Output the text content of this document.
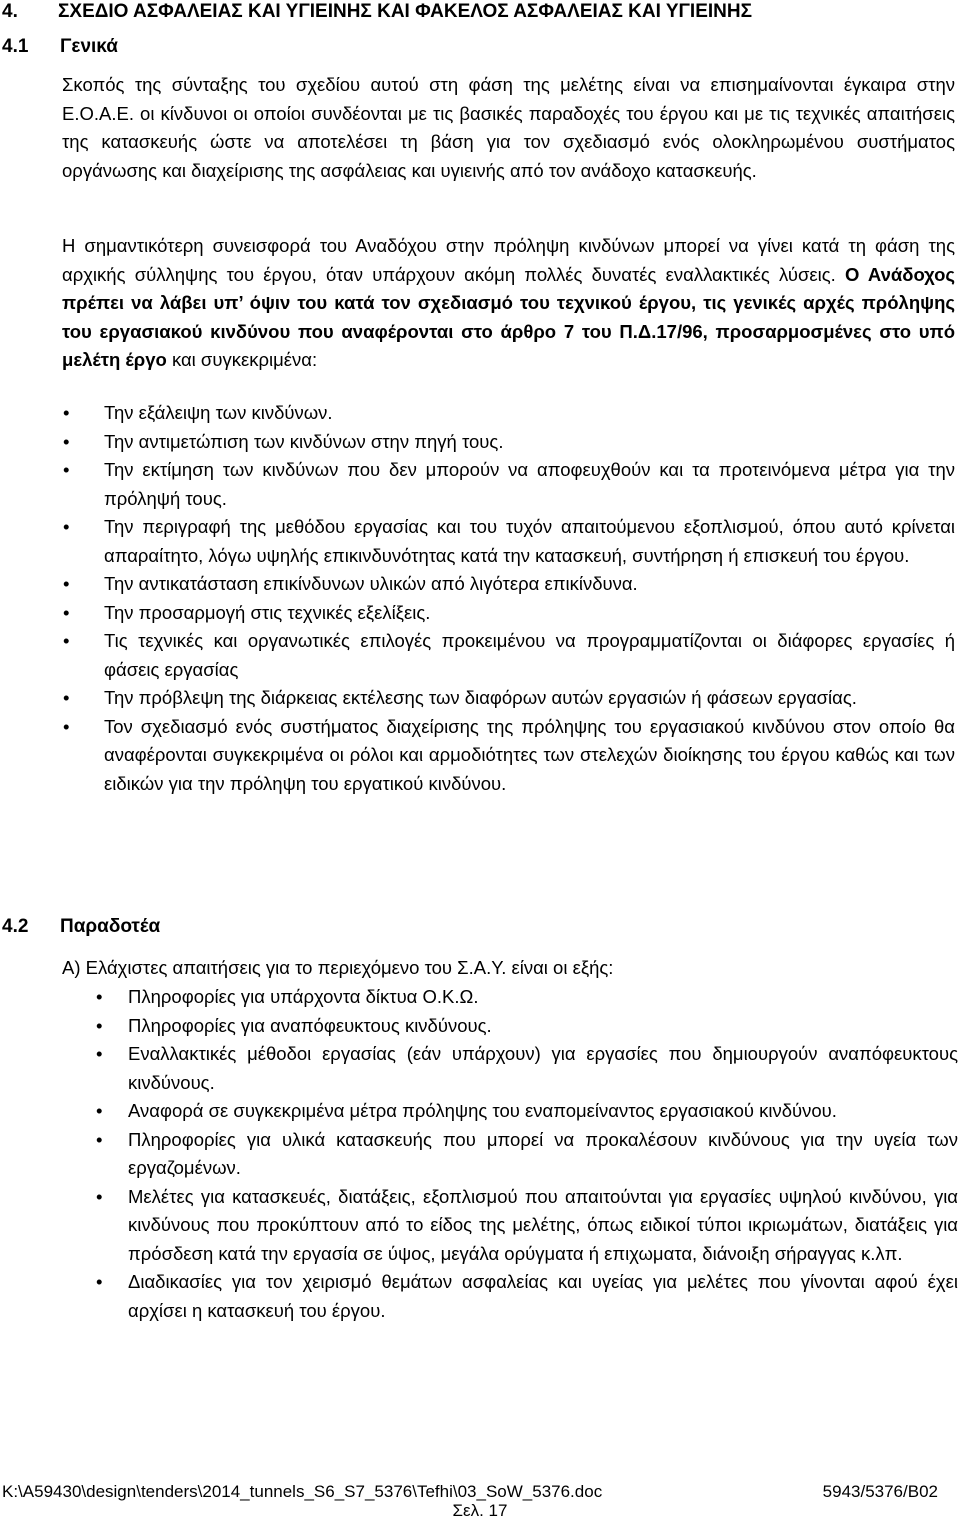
4. ΣΧΕΔΙΟ ΑΣΦΑΛΕΙΑΣ ΚΑΙ ΥΓΙΕΙΝΗΣ ΚΑΙ ΦΑΚΕΛΟΣ ΑΣΦΑΛΕΙΑΣ ΚΑΙ ΥΓΙΕΙΝΗΣ
4.1 Γενικά
Σκοπός της σύνταξης του σχεδίου αυτού στη φάση της μελέτης είναι να επισημαίνονται έγκαιρα στην Ε.Ο.Α.Ε. οι κίνδυνοι οι οποίοι συνδέονται με τις βασικές παραδοχές του έργου και με τις τεχνικές απαιτήσεις της κατασκευής ώστε να αποτελέσει τη βάση για τον σχεδιασμό ενός ολοκληρωμένου συστήματος οργάνωσης και διαχείρισης της ασφάλειας και υγιεινής από τον ανάδοχο κατασκευής.
Η σημαντικότερη συνεισφορά του Αναδόχου στην πρόληψη κινδύνων μπορεί να γίνει κατά τη φάση της αρχικής σύλληψης του έργου, όταν υπάρχουν ακόμη πολλές δυνατές εναλλακτικές λύσεις. Ο Ανάδοχος πρέπει να λάβει υπ’ όψιν του κατά τον σχεδιασμό του τεχνικού έργου, τις γενικές αρχές πρόληψης του εργασιακού κινδύνου που αναφέρονται στο άρθρο 7 του Π.Δ.17/96, προσαρμοσμένες στο υπό μελέτη έργο και συγκεκριμένα:
• Την εξάλειψη των κινδύνων.
• Την αντιμετώπιση των κινδύνων στην πηγή τους.
• Την εκτίμηση των κινδύνων που δεν μπορούν να αποφευχθούν και τα προτεινόμενα μέτρα για την πρόληψή τους.
• Την περιγραφή της μεθόδου εργασίας και του τυχόν απαιτούμενου εξοπλισμού, όπου αυτό κρίνεται απαραίτητο, λόγω υψηλής επικινδυνότητας κατά την κατασκευή, συντήρηση ή επισκευή του έργου.
• Την αντικατάσταση επικίνδυνων υλικών από λιγότερα επικίνδυνα.
• Την προσαρμογή στις τεχνικές εξελίξεις.
• Τις τεχνικές και οργανωτικές επιλογές προκειμένου να προγραμματίζονται οι διάφορες εργασίες ή φάσεις εργασίας
• Την πρόβλεψη της διάρκειας εκτέλεσης των διαφόρων αυτών εργασιών ή φάσεων εργασίας.
• Τον σχεδιασμό ενός συστήματος διαχείρισης της πρόληψης του εργασιακού κινδύνου στον οποίο θα αναφέρονται συγκεκριμένα οι ρόλοι και αρμοδιότητες των στελεχών διοίκησης του έργου καθώς και των ειδικών για την πρόληψη του εργατικού κινδύνου.
4.2 Παραδοτέα
Α) Ελάχιστες απαιτήσεις για το περιεχόμενο του Σ.Α.Υ. είναι οι εξής:
• Πληροφορίες για υπάρχοντα δίκτυα Ο.Κ.Ω.
• Πληροφορίες για αναπόφευκτους κινδύνους.
• Εναλλακτικές μέθοδοι εργασίας (εάν υπάρχουν) για εργασίες που δημιουργούν αναπόφευκτους κινδύνους.
• Αναφορά σε συγκεκριμένα μέτρα πρόληψης του εναπομείναντος εργασιακού κινδύνου.
• Πληροφορίες για υλικά κατασκευής που μπορεί να προκαλέσουν κινδύνους για την υγεία των εργαζομένων.
• Μελέτες για κατασκευές, διατάξεις, εξοπλισμού που απαιτούνται για εργασίες υψηλού κινδύνου, για κινδύνους που προκύπτουν από το είδος της μελέτης, όπως ειδικοί τύποι ικριωμάτων, διατάξεις για πρόσδεση κατά την εργασία σε ύψος, μεγάλα ορύγματα ή επιχωματα, διάνοιξη σήραγγας κ.λπ.
• Διαδικασίες για τον χειρισμό θεμάτων ασφαλείας και υγείας για μελέτες που γίνονται αφού έχει αρχίσει η κατασκευή του έργου.
K:\A59430\design\tenders\2014_tunnels_S6_S7_5376\Tefhi\03_SoW_5376.doc	5943/5376/B02
Σελ. 17
